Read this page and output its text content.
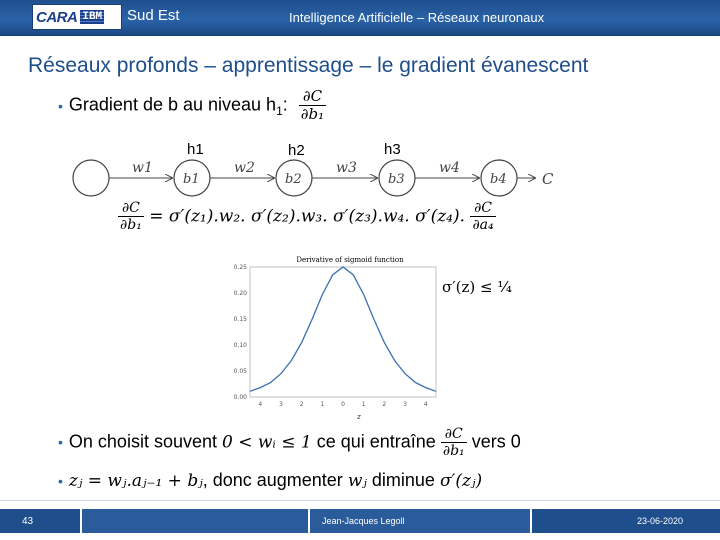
CARA IBM Sud Est	Intelligence Artificielle – Réseaux neuronaux
Réseaux profonds – apprentissage – le gradient évanescent
• Gradient de b au niveau $h_1$: $\frac{\partial C}{\text{∂b₁}}$
h1	h2	h3
w1	w2	w3	w4
b1	b2	b3	b4 C
$\frac{\partial C}{\text{∂b₁}} = \sigma'(z_1).w_2$. σ′(z₂).w₃. σ′(z₃).w₄. σ′(z₄). $\frac{\partial C}{\text{∂a₄}}$
Derivative of sigmoid function
0.00
0.05
0.10
0.15
0.20
0.25
4	3	2	1	0	1	2	3	4
z
σ′(z) ≤ ¹⁄₄
• On choisit souvent 0 < wᵢ ≤ 1 ce qui entraîne $\frac{\partial C}{\text{∂b₁}}$ vers 0
• zⱼ = wⱼ.aⱼ₋₁ + bⱼ, donc augmenter wⱼ diminue σ′(zⱼ)
43	Jean-Jacques Legoll	23-06-2020
